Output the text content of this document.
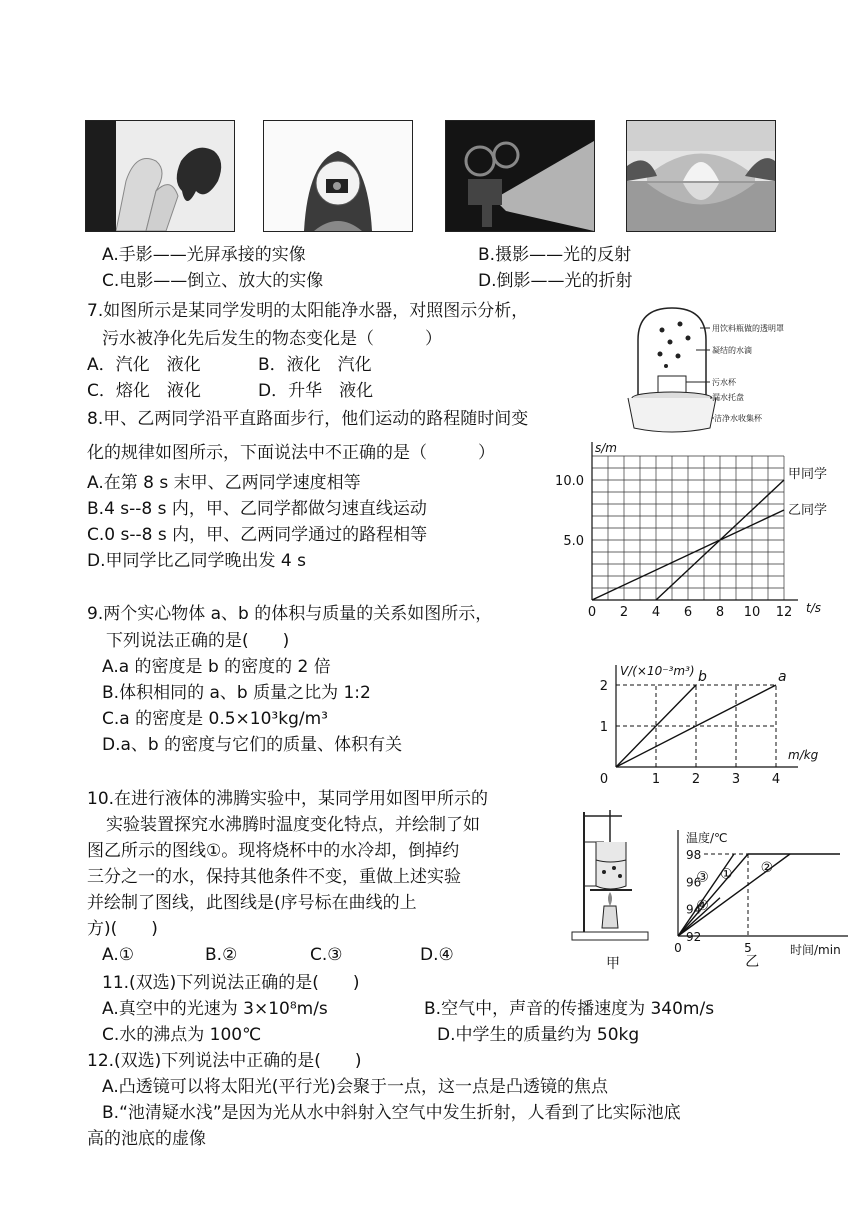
A.手影——光屏承接的实像	B.摄影——光的反射
C.电影——倒立、放大的实像	D.倒影——光的折射
7.如图所示是某同学发明的太阳能净水器，对照图示分析，
污水被净化先后发生的物态变化是（　　　）
A．汽化　液化	B．液化　汽化
C．熔化　液化	D．升华　液化
用饮料瓶做的透明罩
凝结的水滴
污水杯
漏水托盘
洁净水收集杯
8.甲、乙两同学沿平直路面步行，他们运动的路程随时间变
化的规律如图所示，下面说法中不正确的是（　　　）
A.在第 8 s 末甲、乙两同学速度相等
B.4 s--8 s 内，甲、乙同学都做匀速直线运动
C.0 s--8 s 内，甲、乙两同学通过的路程相等
D.甲同学比乙同学晚出发 4 s
s/m
t/s
0 2 4 6 8 10 12
5.0
10.0	甲同学
乙同学
9.两个实心物体 a、b 的体积与质量的关系如图所示，
下列说法正确的是(　　)
A.a 的密度是 b 的密度的 2 倍
B.体积相同的 a、b 质量之比为 1:2
C.a 的密度是 0.5×10³kg/m³
D.a、b 的密度与它们的质量、体积有关
V/(×10⁻³m³)
m/kg
0	1 2 3 4
1
2
a
b
10.在进行液体的沸腾实验中，某同学用如图甲所示的
实验装置探究水沸腾时温度变化特点，并绘制了如
图乙所示的图线①。现将烧杯中的水冷却，倒掉约
三分之一的水，保持其他条件不变，重做上述实验
并绘制了图线，此图线是(序号标在曲线的上
方)(　　)
A.①	B.②	C.③	D.④	甲
温度/℃
时间/min
92
94
96
98
0	5
① ②
③
④
乙
11.(双选)下列说法正确的是(　　)
A.真空中的光速为 3×10⁸m/s	B.空气中，声音的传播速度为 340m/s
C.水的沸点为 100℃	D.中学生的质量约为 50kg
12.(双选)下列说法中正确的是(　　)
A.凸透镜可以将太阳光(平行光)会聚于一点，这一点是凸透镜的焦点
B.“池清疑水浅”是因为光从水中斜射入空气中发生折射，人看到了比实际池底
高的池底的虚像
